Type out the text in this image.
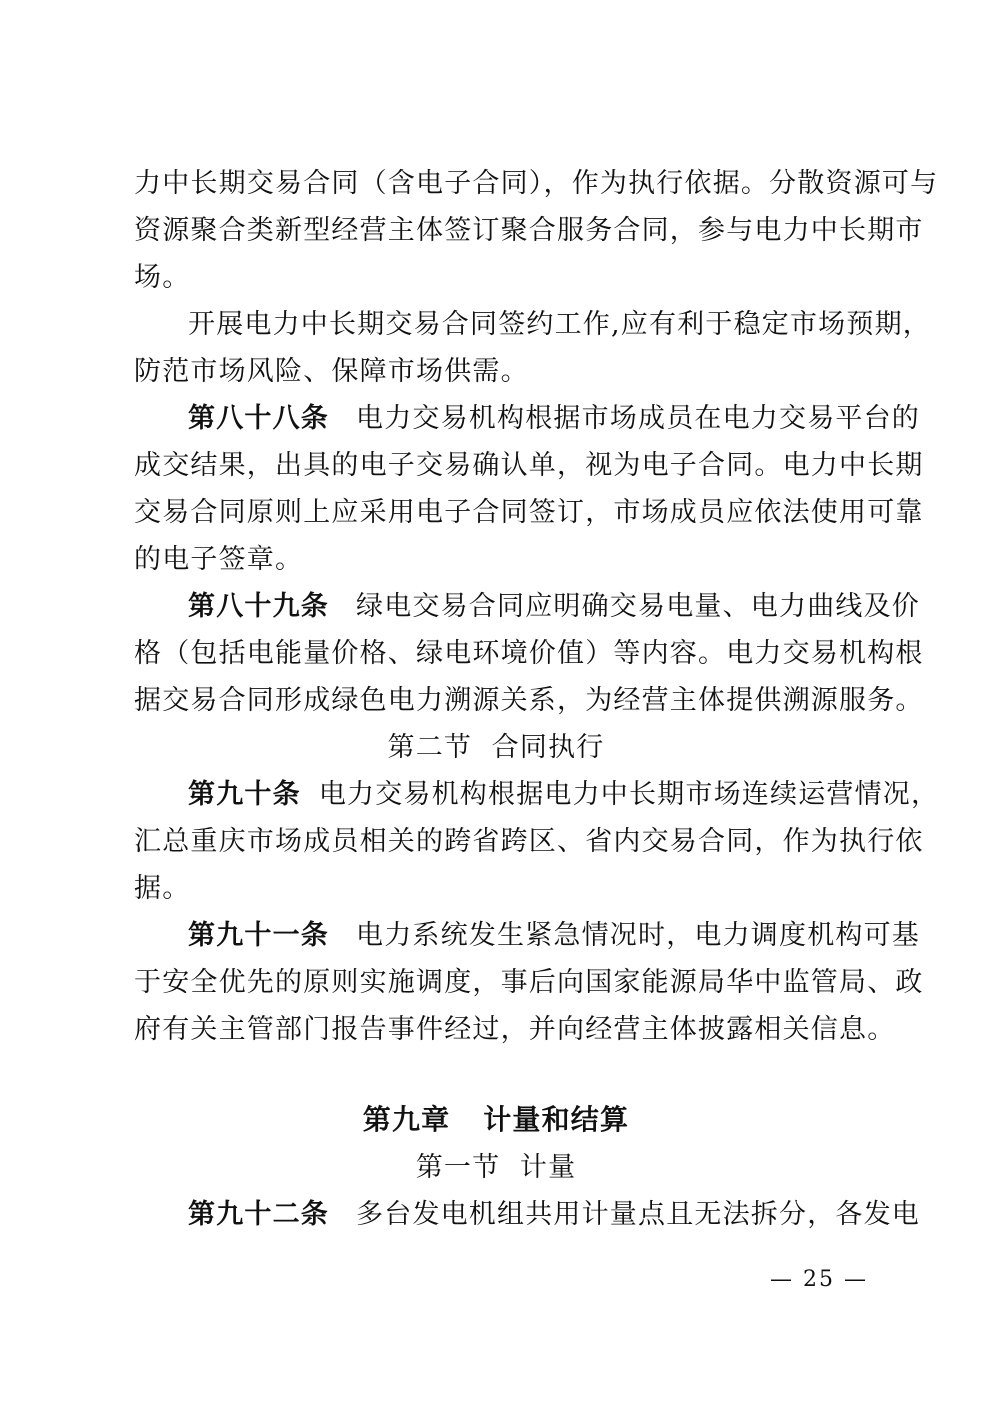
力中长期交易合同（含电子合同），作为执行依据。分散资源可与
资源聚合类新型经营主体签订聚合服务合同，参与电力中长期市
场。
开展电力中长期交易合同签约工作,应有利于稳定市场预期，
防范市场风险、保障市场供需。
第八十八条 电力交易机构根据市场成员在电力交易平台的
成交结果，出具的电子交易确认单，视为电子合同。电力中长期
交易合同原则上应采用电子合同签订，市场成员应依法使用可靠
的电子签章。
第八十九条 绿电交易合同应明确交易电量、电力曲线及价
格（包括电能量价格、绿电环境价值）等内容。电力交易机构根
据交易合同形成绿色电力溯源关系，为经营主体提供溯源服务。
第二节  合同执行
第九十条 电力交易机构根据电力中长期市场连续运营情况，
汇总重庆市场成员相关的跨省跨区、省内交易合同，作为执行依
据。
第九十一条 电力系统发生紧急情况时，电力调度机构可基
于安全优先的原则实施调度，事后向国家能源局华中监管局、政
府有关主管部门报告事件经过，并向经营主体披露相关信息。
第九章   计量和结算
第一节  计量
第九十二条 多台发电机组共用计量点且无法拆分，各发电
— 25 —
